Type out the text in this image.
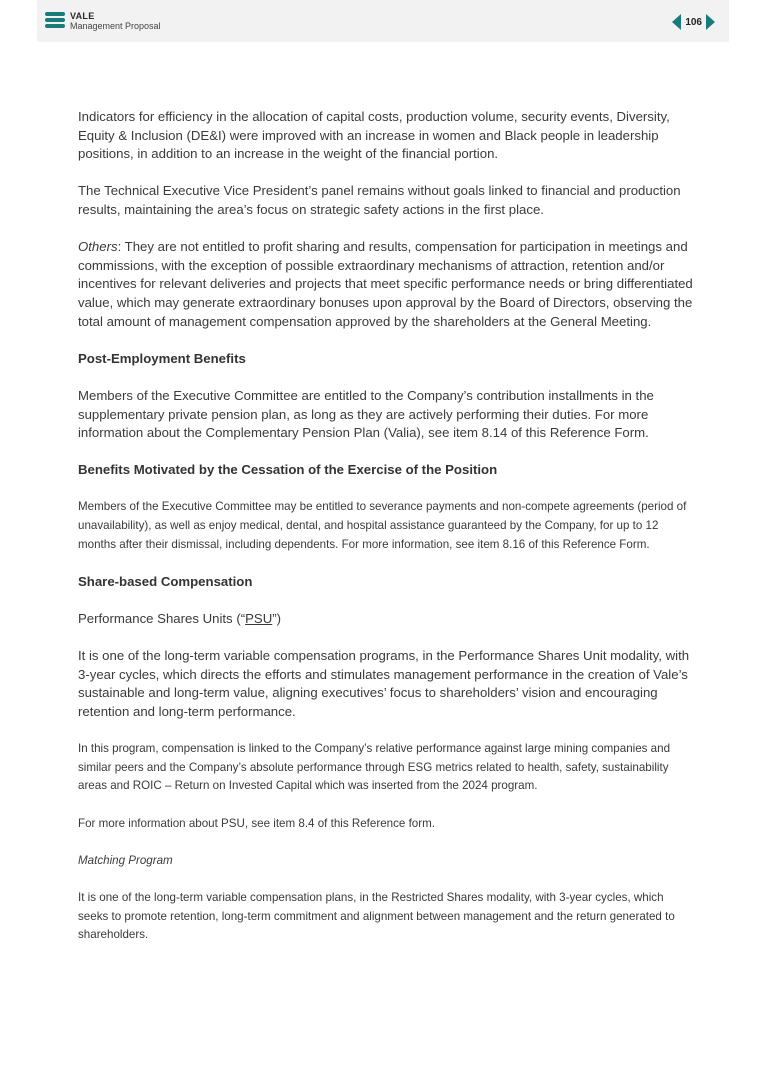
VALE
Management Proposal	106

Indicators for efficiency in the allocation of capital costs, production volume, security events, Diversity, Equity & Inclusion (DE&I) were improved with an increase in women and Black people in leadership positions, in addition to an increase in the weight of the financial portion.

The Technical Executive Vice President’s panel remains without goals linked to financial and production results, maintaining the area’s focus on strategic safety actions in the first place.

Others: They are not entitled to profit sharing and results, compensation for participation in meetings and commissions, with the exception of possible extraordinary mechanisms of attraction, retention and/or incentives for relevant deliveries and projects that meet specific performance needs or bring differentiated value, which may generate extraordinary bonuses upon approval by the Board of Directors, observing the total amount of management compensation approved by the shareholders at the General Meeting.

Post-Employment Benefits

Members of the Executive Committee are entitled to the Company’s contribution installments in the supplementary private pension plan, as long as they are actively performing their duties. For more information about the Complementary Pension Plan (Valia), see item 8.14 of this Reference Form.

Benefits Motivated by the Cessation of the Exercise of the Position

Members of the Executive Committee may be entitled to severance payments and non-compete agreements (period of unavailability), as well as enjoy medical, dental, and hospital assistance guaranteed by the Company, for up to 12 months after their dismissal, including dependents. For more information, see item 8.16 of this Reference Form.

Share-based Compensation

Performance Shares Units (“PSU”)

It is one of the long-term variable compensation programs, in the Performance Shares Unit modality, with 3-year cycles, which directs the efforts and stimulates management performance in the creation of Vale’s sustainable and long-term value, aligning executives’ focus to shareholders’ vision and encouraging retention and long-term performance.

In this program, compensation is linked to the Company’s relative performance against large mining companies and similar peers and the Company’s absolute performance through ESG metrics related to health, safety, sustainability areas and ROIC – Return on Invested Capital which was inserted from the 2024 program.

For more information about PSU, see item 8.4 of this Reference form.

Matching Program

It is one of the long-term variable compensation plans, in the Restricted Shares modality, with 3-year cycles, which seeks to promote retention, long-term commitment and alignment between management and the return generated to shareholders.
